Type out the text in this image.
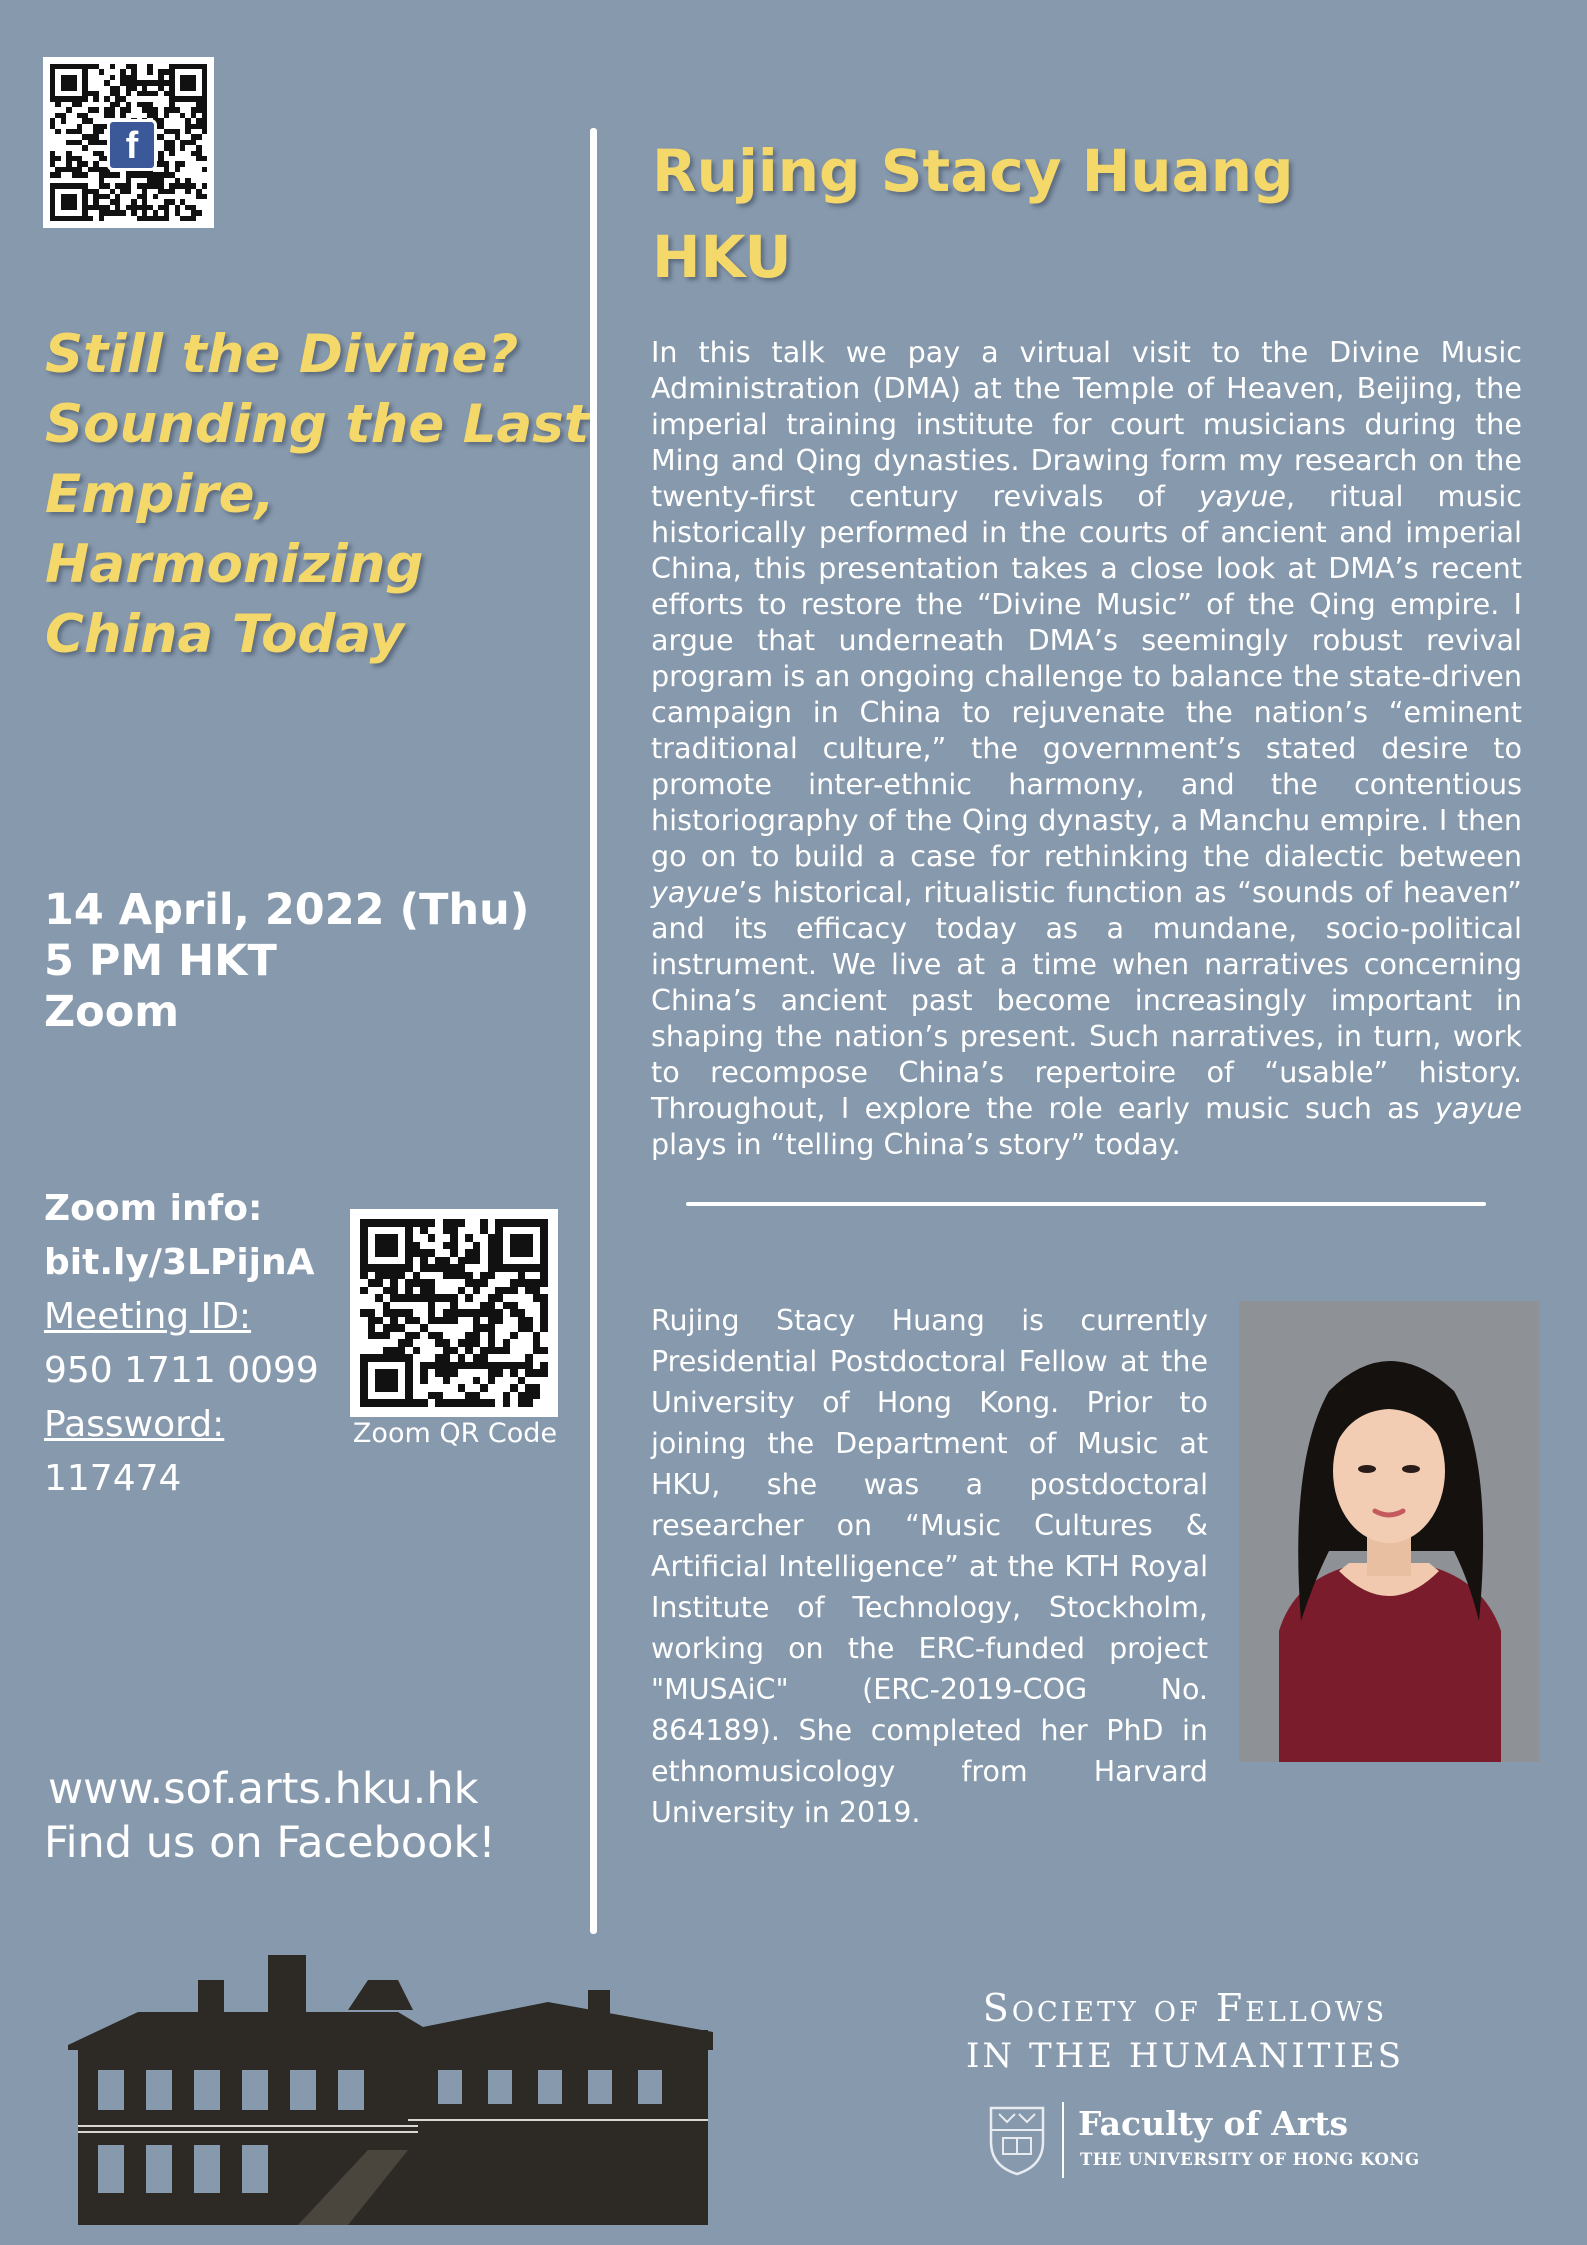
f
Still the Divine?
Sounding the Last
Empire,
Harmonizing
China Today
14 April, 2022 (Thu)
5 PM HKT
Zoom
Zoom info:
bit.ly/3LPijnA
Meeting ID:
950 1711 0099
Password:
117474
Zoom QR Code
www.sof.arts.hku.hk
Find us on Facebook!
Rujing Stacy Huang
HKU
In this talk we pay a virtual visit to the Divine Music Administration (DMA) at the Temple of Heaven, Beijing, the imperial training institute for court musicians during the Ming and Qing dynasties. Drawing form my research on the twenty-first century revivals of yayue, ritual music historically performed in the courts of ancient and imperial China, this presentation takes a close look at DMA’s recent efforts to restore the “Divine Music” of the Qing empire. I argue that underneath DMA’s seemingly robust revival program is an ongoing challenge to balance the state-driven campaign in China to rejuvenate the nation’s “eminent traditional culture,” the government’s stated desire to promote inter-ethnic harmony, and the contentious historiography of the Qing dynasty, a Manchu empire. I then go on to build a case for rethinking the dialectic between yayue’s historical, ritualistic function as “sounds of heaven” and its efficacy today as a mundane, socio-political instrument. We live at a time when narratives concerning China’s ancient past become increasingly important in shaping the nation’s present. Such narratives, in turn, work to recompose China’s repertoire of “usable” history. Throughout, I explore the role early music such as yayue plays in “telling China’s story” today.
Rujing Stacy Huang is currently Presidential Postdoctoral Fellow at the University of Hong Kong. Prior to joining the Department of Music at HKU, she was a postdoctoral researcher on “Music Cultures & Artificial Intelligence” at the KTH Royal Institute of Technology, Stockholm, working on the ERC-funded project "MUSAiC" (ERC-2019-COG No. 864189). She completed her PhD in ethnomusicology from Harvard University in 2019.
Society of Fellows
IN THE HUMANITIES
Faculty of Arts
THE UNIVERSITY OF HONG KONG
